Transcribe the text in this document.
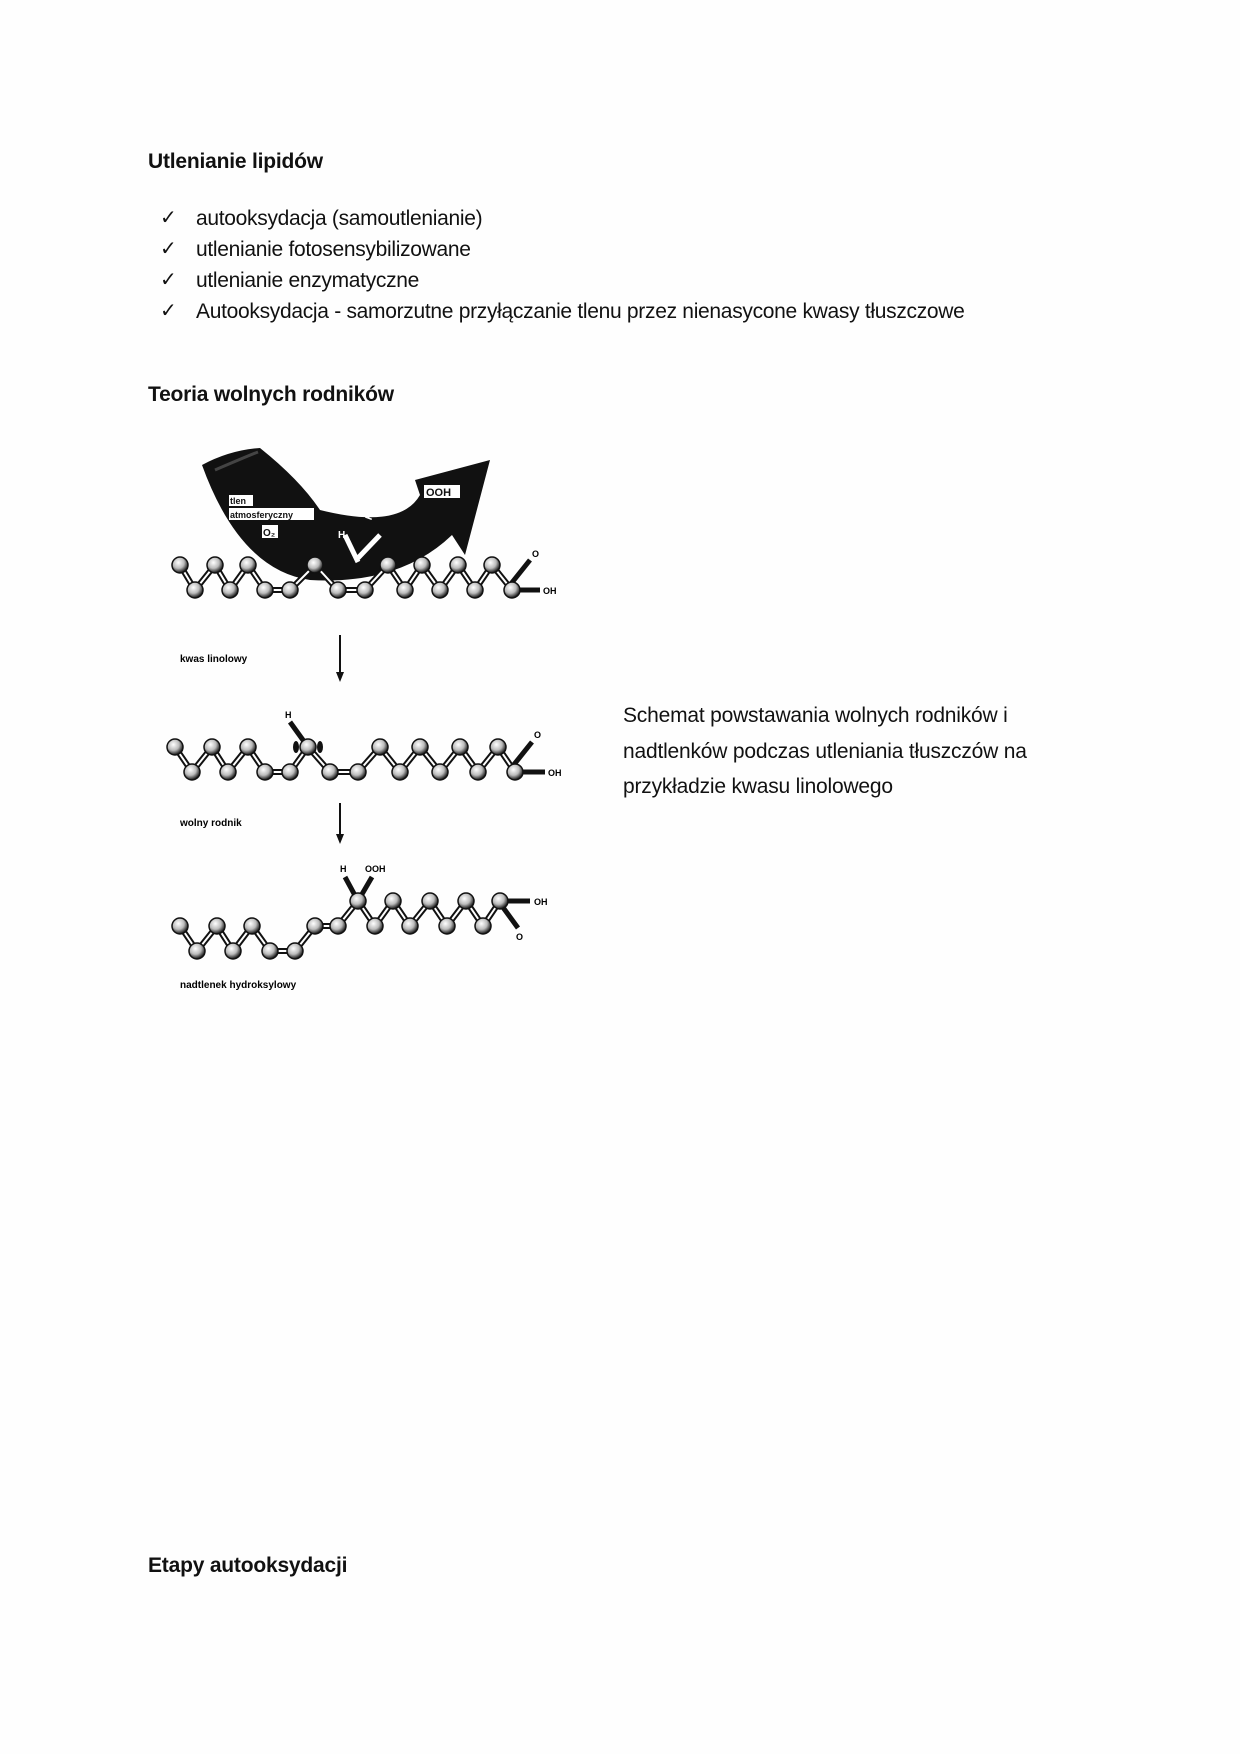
Utlenianie lipidów
✓ autooksydacja (samoutlenianie)
✓ utlenianie fotosensybilizowane
✓ utlenianie enzymatyczne
✓ Autooksydacja - samorzutne przyłączanie tlenu przez nienasycone kwasy tłuszczowe
Teoria wolnych rodników
tlen
atmosferyczny
O₂	H
H
OOH
O
OH
kwas linolowy
H
O
OH
wolny rodnik
H OOH
OH
O
nadtlenek hydroksylowy
Schemat powstawania wolnych rodników i nadtlenków podczas utleniania tłuszczów na przykładzie kwasu linolowego
Etapy autooksydacji
